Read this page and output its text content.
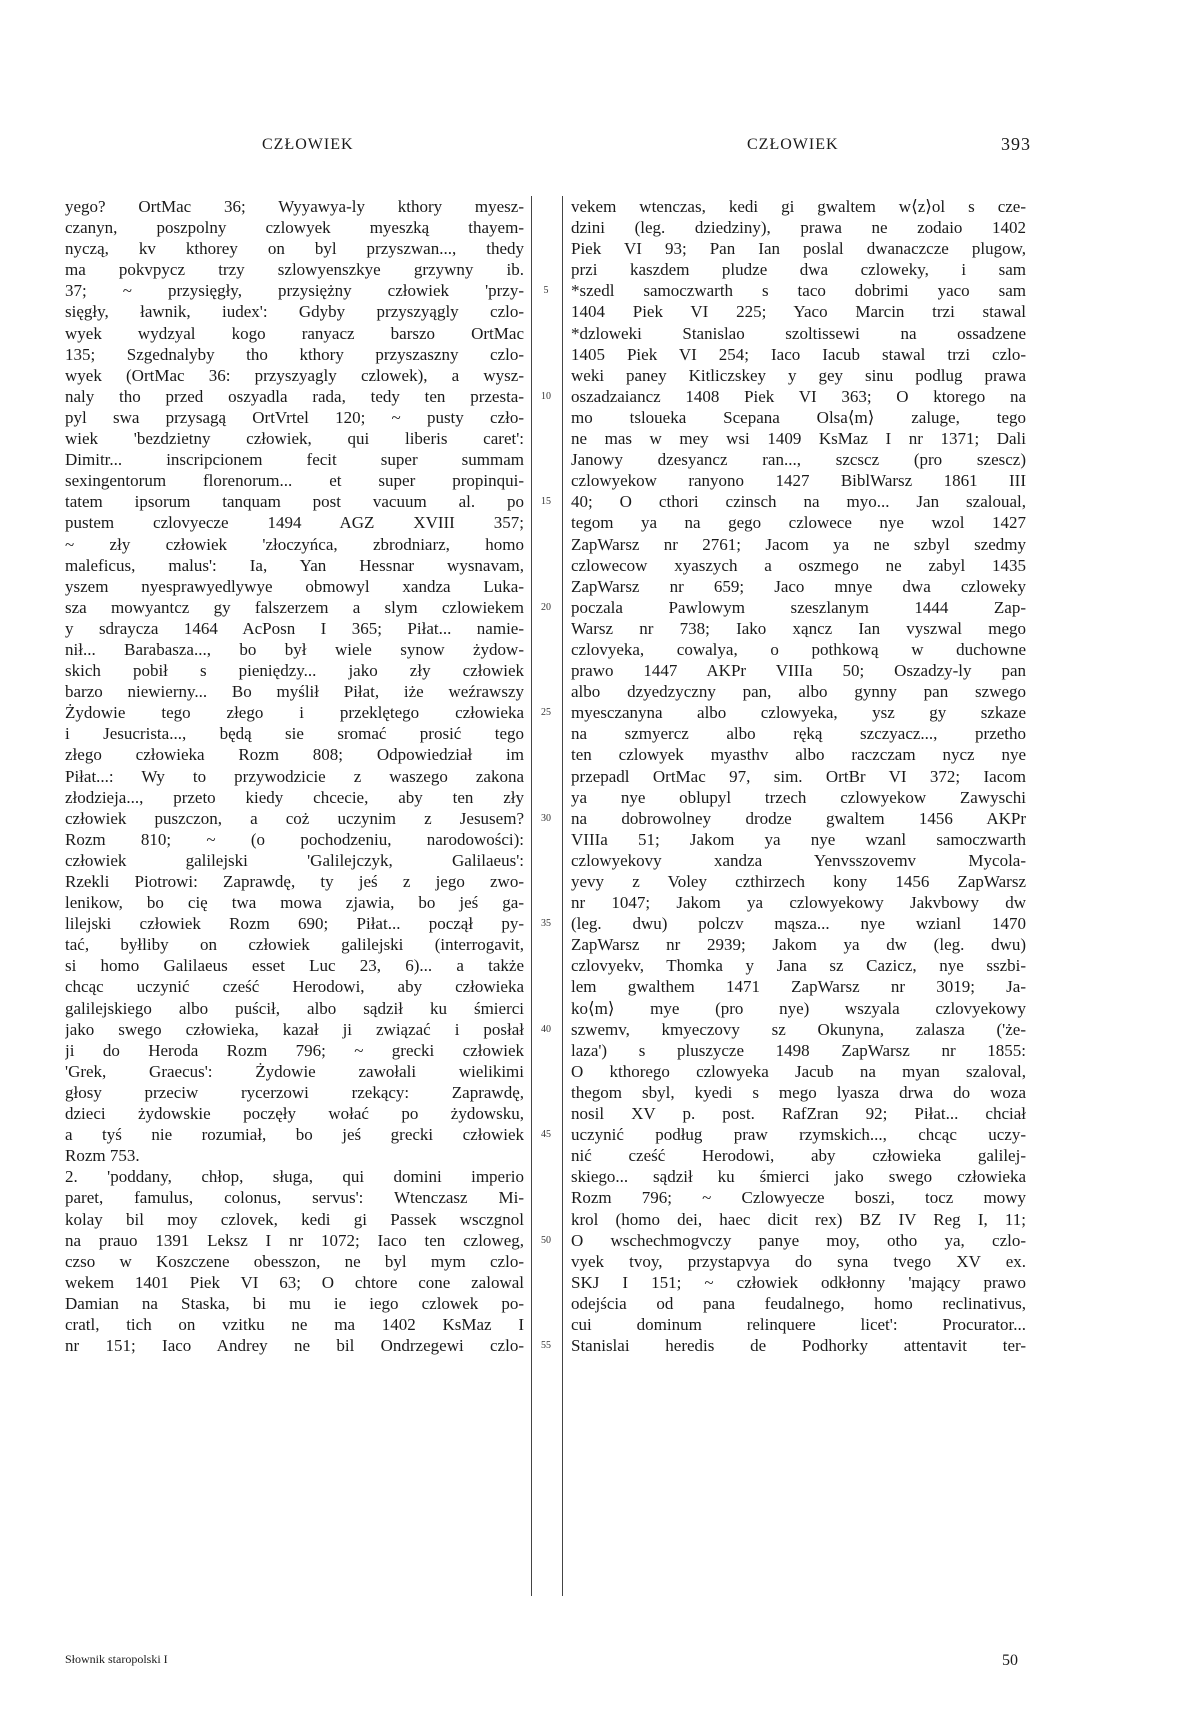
CZŁOWIEK	CZŁOWIEK	393
yego? OrtMac 36; Wyyawya-ly kthory myesz-
czanyn, poszpolny czlowyek myeszką thayem-
nyczą, kv kthorey on byl przyszwan..., thedy
ma pokvpycz trzy szlowyenszkye grzywny ib.
37; ~ przysięgły, przysiężny człowiek 'przy-
sięgły, ławnik, iudex': Gdyby przyszyągly czlo-
wyek wydzyal kogo ranyacz barszo OrtMac
135; Szgednalyby tho kthory przyszaszny czlo-
wyek (OrtMac 36: przyszyagly czlowek), a wysz-
naly tho przed oszyadla rada, tedy ten przesta-
pyl swa przysagą OrtVrtel 120; ~ pusty czło-
wiek 'bezdzietny człowiek, qui liberis caret':
Dimitr... inscripcionem fecit super summam
sexingentorum florenorum... et super propinqui-
tatem ipsorum tanquam post vacuum al. po
pustem czlovyecze 1494 AGZ XVIII 357;
~ zły człowiek 'złoczyńca, zbrodniarz, homo
maleficus, malus': Ia, Yan Hessnar wysnavam,
yszem nyesprawyedlywye obmowyl xandza Luka-
sza mowyantcz gy falszerzem a slym czlowiekem
y sdraycza 1464 AcPosn I 365; Piłat... namie-
nił... Barabasza..., bo był wiele synow żydow-
skich pobił s pieniędzy... jako zły człowiek
barzo niewierny... Bo myślił Piłat, iże weźrawszy
Żydowie tego złego i przeklętego człowieka
i Jesucrista..., będą sie sromać prosić tego
złego człowieka Rozm 808; Odpowiedział im
Piłat...: Wy to przywodzicie z waszego zakona
złodzieja..., przeto kiedy chcecie, aby ten zły
człowiek puszczon, a coż uczynim z Jesusem?
Rozm 810; ~ (o pochodzeniu, narodowości):
człowiek galilejski 'Galilejczyk, Galilaeus':
Rzekli Piotrowi: Zaprawdę, ty jeś z jego zwo-
lenikow, bo cię twa mowa zjawia, bo jeś ga-
lilejski człowiek Rozm 690; Piłat... począł py-
tać, byłliby on człowiek galilejski (interrogavit,
si homo Galilaeus esset Luc 23, 6)... a także
chcąc uczynić cześć Herodowi, aby człowieka
galilejskiego albo puścił, albo sądził ku śmierci
jako swego człowieka, kazał ji związać i posłał
ji do Heroda Rozm 796; ~ grecki człowiek
'Grek, Graecus': Żydowie zawołali wielikimi
głosy przeciw rycerzowi rzekący: Zaprawdę,
dzieci żydowskie poczęły wołać po żydowsku,
a tyś nie rozumiał, bo jeś grecki człowiek
Rozm 753.
2. 'poddany, chłop, sługa, qui domini imperio
paret, famulus, colonus, servus': Wtenczasz Mi-
kolay bil moy czlovek, kedi gi Passek wsczgnol
na prauo 1391 Leksz I nr 1072; Iaco ten czloweg,
czso w Koszczene obesszon, ne byl mym czlo-
wekem 1401 Piek VI 63; O chtore cone zalowal
Damian na Staska, bi mu ie iego czlowek po-
cratl, tich on vzitku ne ma 1402 KsMaz I
nr 151; Iaco Andrey ne bil Ondrzegewi czlo-
5
10
15
20
25
30
35
40
45
50
55
vekem wtenczas, kedi gi gwaltem w⟨z⟩ol s cze-
dzini (leg. dziedziny), prawa ne zodaio 1402
Piek VI 93; Pan Ian poslal dwanaczcze plugow,
przi kaszdem pludze dwa czloweky, i sam
*szedl samoczwarth s taco dobrimi yaco sam
1404 Piek VI 225; Yaco Marcin trzi stawal
*dzloweki Stanislao szoltissewi na ossadzene
1405 Piek VI 254; Iaco Iacub stawal trzi czlo-
weki paney Kitliczskey y gey sinu podlug prawa
oszadzaiancz 1408 Piek VI 363; O ktorego na
mo tsloueka Scepana Olsa⟨m⟩ zaluge, tego
ne mas w mey wsi 1409 KsMaz I nr 1371; Dali
Janowy dzesyancz ran..., szcscz (pro szescz)
czlowyekow ranyono 1427 BiblWarsz 1861 III
40; O cthori czinsch na myo... Jan szaloual,
tegom ya na gego czlowece nye wzol 1427
ZapWarsz nr 2761; Jacom ya ne szbyl szedmy
czlowecow xyaszych a oszmego ne zabyl 1435
ZapWarsz nr 659; Jaco mnye dwa czloweky
poczala Pawlowym szeszlanym 1444 Zap-
Warsz nr 738; Iako xąncz Ian vyszwal mego
czlovyeka, cowalya, o pothkową w duchowne
prawo 1447 AKPr VIIIa 50; Oszadzy-ly pan
albo dzyedzyczny pan, albo gynny pan szwego
myesczanyna albo czlowyeka, ysz gy szkaze
na szmyercz albo ręką szczyacz..., przetho
ten czlowyek myasthv albo raczczam nycz nye
przepadl OrtMac 97, sim. OrtBr VI 372; Iacom
ya nye oblupyl trzech czlowyekow Zawyschi
na dobrowolney drodze gwaltem 1456 AKPr
VIIIa 51; Jakom ya nye wzanl samoczwarth
czlowyekovy xandza Yenvsszovemv Mycola-
yevy z Voley czthirzech kony 1456 ZapWarsz
nr 1047; Jakom ya czlowyekowy Jakvbowy dw
(leg. dwu) polczv mąsza... nye wzianl 1470
ZapWarsz nr 2939; Jakom ya dw (leg. dwu)
czlovyekv, Thomka y Jana sz Cazicz, nye sszbi-
lem gwalthem 1471 ZapWarsz nr 3019; Ja-
ko⟨m⟩ mye (pro nye) wszyala czlovyekowy
szwemv, kmyeczovy sz Okunyna, zalasza ('że-
laza') s pluszycze 1498 ZapWarsz nr 1855:
O kthorego czlowyeka Jacub na myan szaloval,
thegom sbyl, kyedi s mego lyasza drwa do woza
nosil XV p. post. RafZran 92; Piłat... chciał
uczynić podług praw rzymskich..., chcąc uczy-
nić cześć Herodowi, aby człowieka galilej-
skiego... sądził ku śmierci jako swego człowieka
Rozm 796; ~ Czlowyecze boszi, tocz mowy
krol (homo dei, haec dicit rex) BZ IV Reg I, 11;
O wschechmogvczy panye moy, otho ya, czlo-
vyek tvoy, przystapvya do syna tvego XV ex.
SKJ I 151; ~ człowiek odkłonny 'mający prawo
odejścia od pana feudalnego, homo reclinativus,
cui dominum relinquere licet': Procurator...
Stanislai heredis de Podhorky attentavit ter-
Słownik staropolski I	50
